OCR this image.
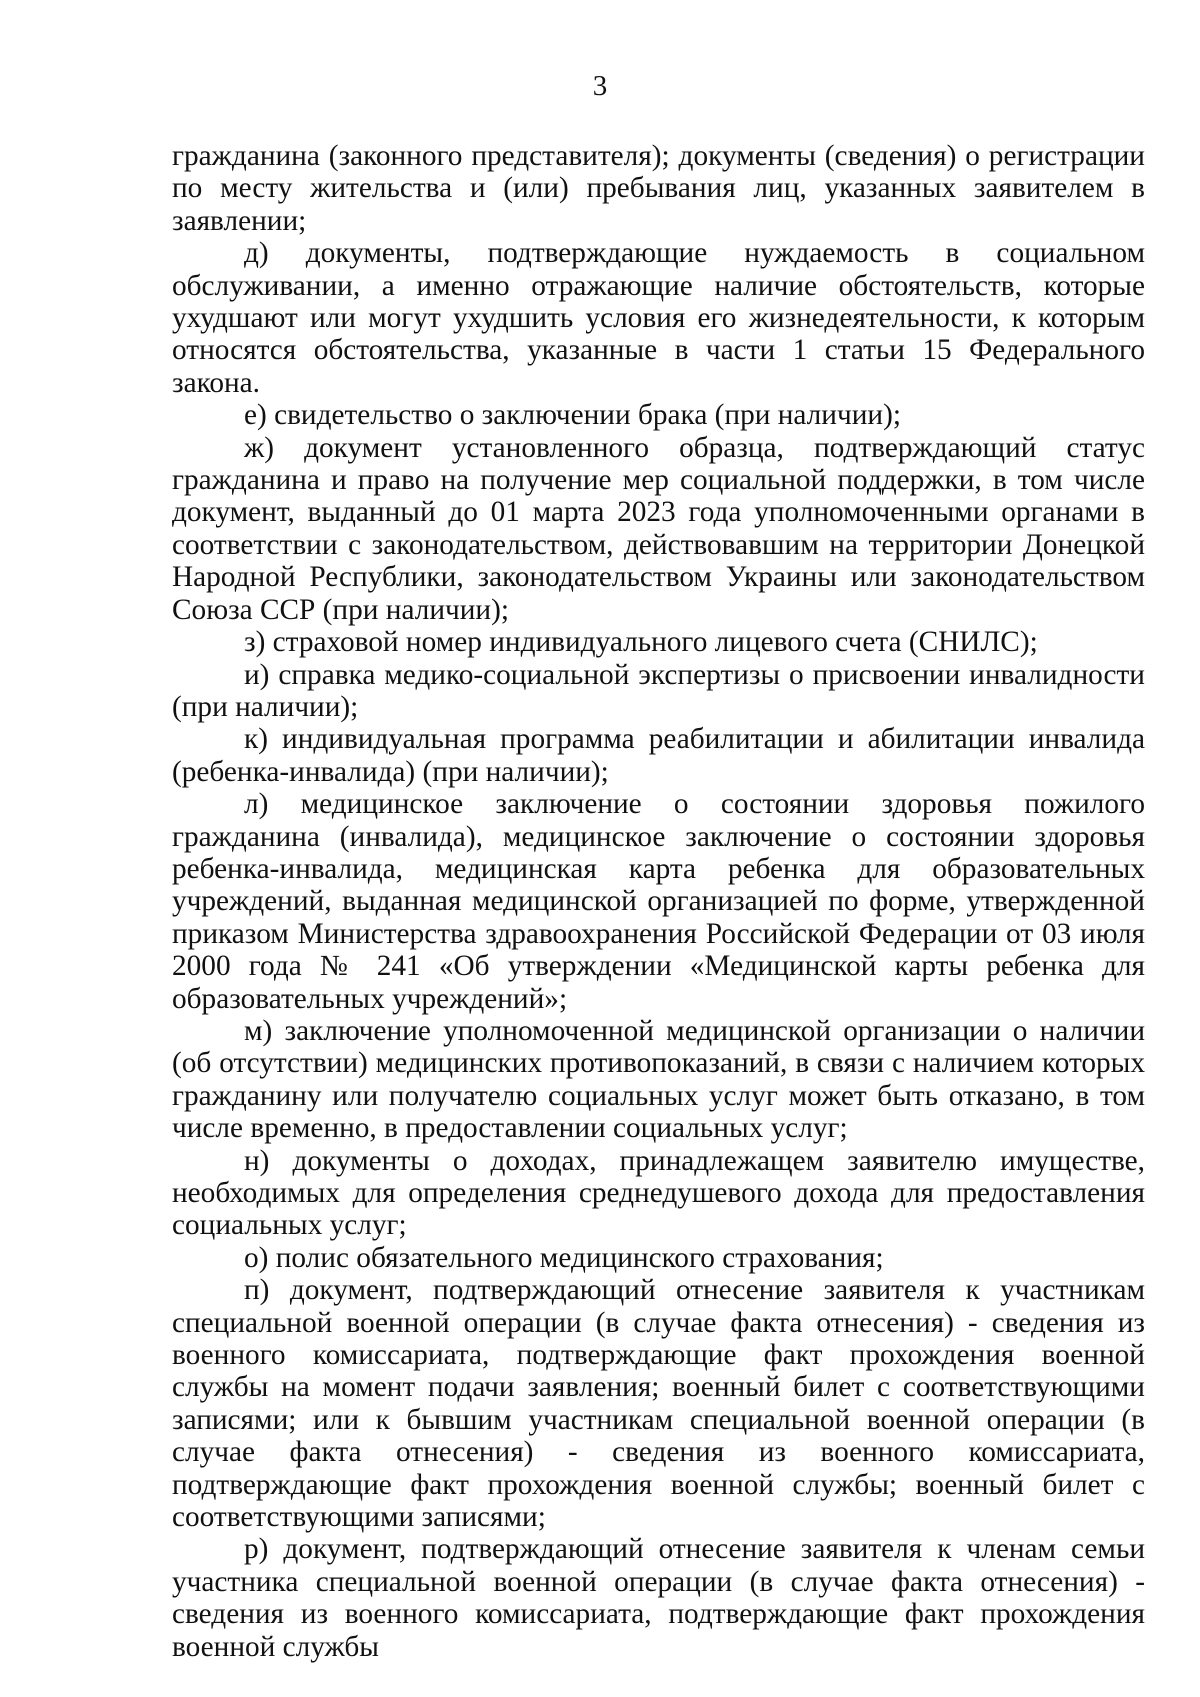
3

гражданина (законного представителя); документы (сведения) о регистрации по месту жительства и (или) пребывания лиц, указанных заявителем в заявлении;

д) документы, подтверждающие нуждаемость в социальном обслуживании, а именно отражающие наличие обстоятельств, которые ухудшают или могут ухудшить условия его жизнедеятельности, к которым относятся обстоятельства, указанные в части 1 статьи 15 Федерального закона.

е) свидетельство о заключении брака (при наличии);

ж) документ установленного образца, подтверждающий статус гражданина и право на получение мер социальной поддержки, в том числе документ, выданный до 01 марта 2023 года уполномоченными органами в соответствии с законодательством, действовавшим на территории Донецкой Народной Республики, законодательством Украины или законодательством Союза ССР (при наличии);

з) страховой номер индивидуального лицевого счета (СНИЛС);

и) справка медико-социальной экспертизы о присвоении инвалидности (при наличии);

к) индивидуальная программа реабилитации и абилитации инвалида (ребенка-инвалида) (при наличии);

л) медицинское заключение о состоянии здоровья пожилого гражданина (инвалида), медицинское заключение о состоянии здоровья ребенка-инвалида, медицинская карта ребенка для образовательных учреждений, выданная медицинской организацией по форме, утвержденной приказом Министерства здравоохранения Российской Федерации от 03 июля 2000 года № 241 «Об утверждении «Медицинской карты ребенка для образовательных учреждений»;

м) заключение уполномоченной медицинской организации о наличии (об отсутствии) медицинских противопоказаний, в связи с наличием которых гражданину или получателю социальных услуг может быть отказано, в том числе временно, в предоставлении социальных услуг;

н) документы о доходах, принадлежащем заявителю имуществе, необходимых для определения среднедушевого дохода для предоставления социальных услуг;

о) полис обязательного медицинского страхования;

п) документ, подтверждающий отнесение заявителя к участникам специальной военной операции (в случае факта отнесения) - сведения из военного комиссариата, подтверждающие факт прохождения военной службы на момент подачи заявления; военный билет с соответствующими записями; или к бывшим участникам специальной военной операции (в случае факта отнесения) - сведения из военного комиссариата, подтверждающие факт прохождения военной службы; военный билет с соответствующими записями;

р) документ, подтверждающий отнесение заявителя к членам семьи участника специальной военной операции (в случае факта отнесения) - сведения из военного комиссариата, подтверждающие факт прохождения военной службы
